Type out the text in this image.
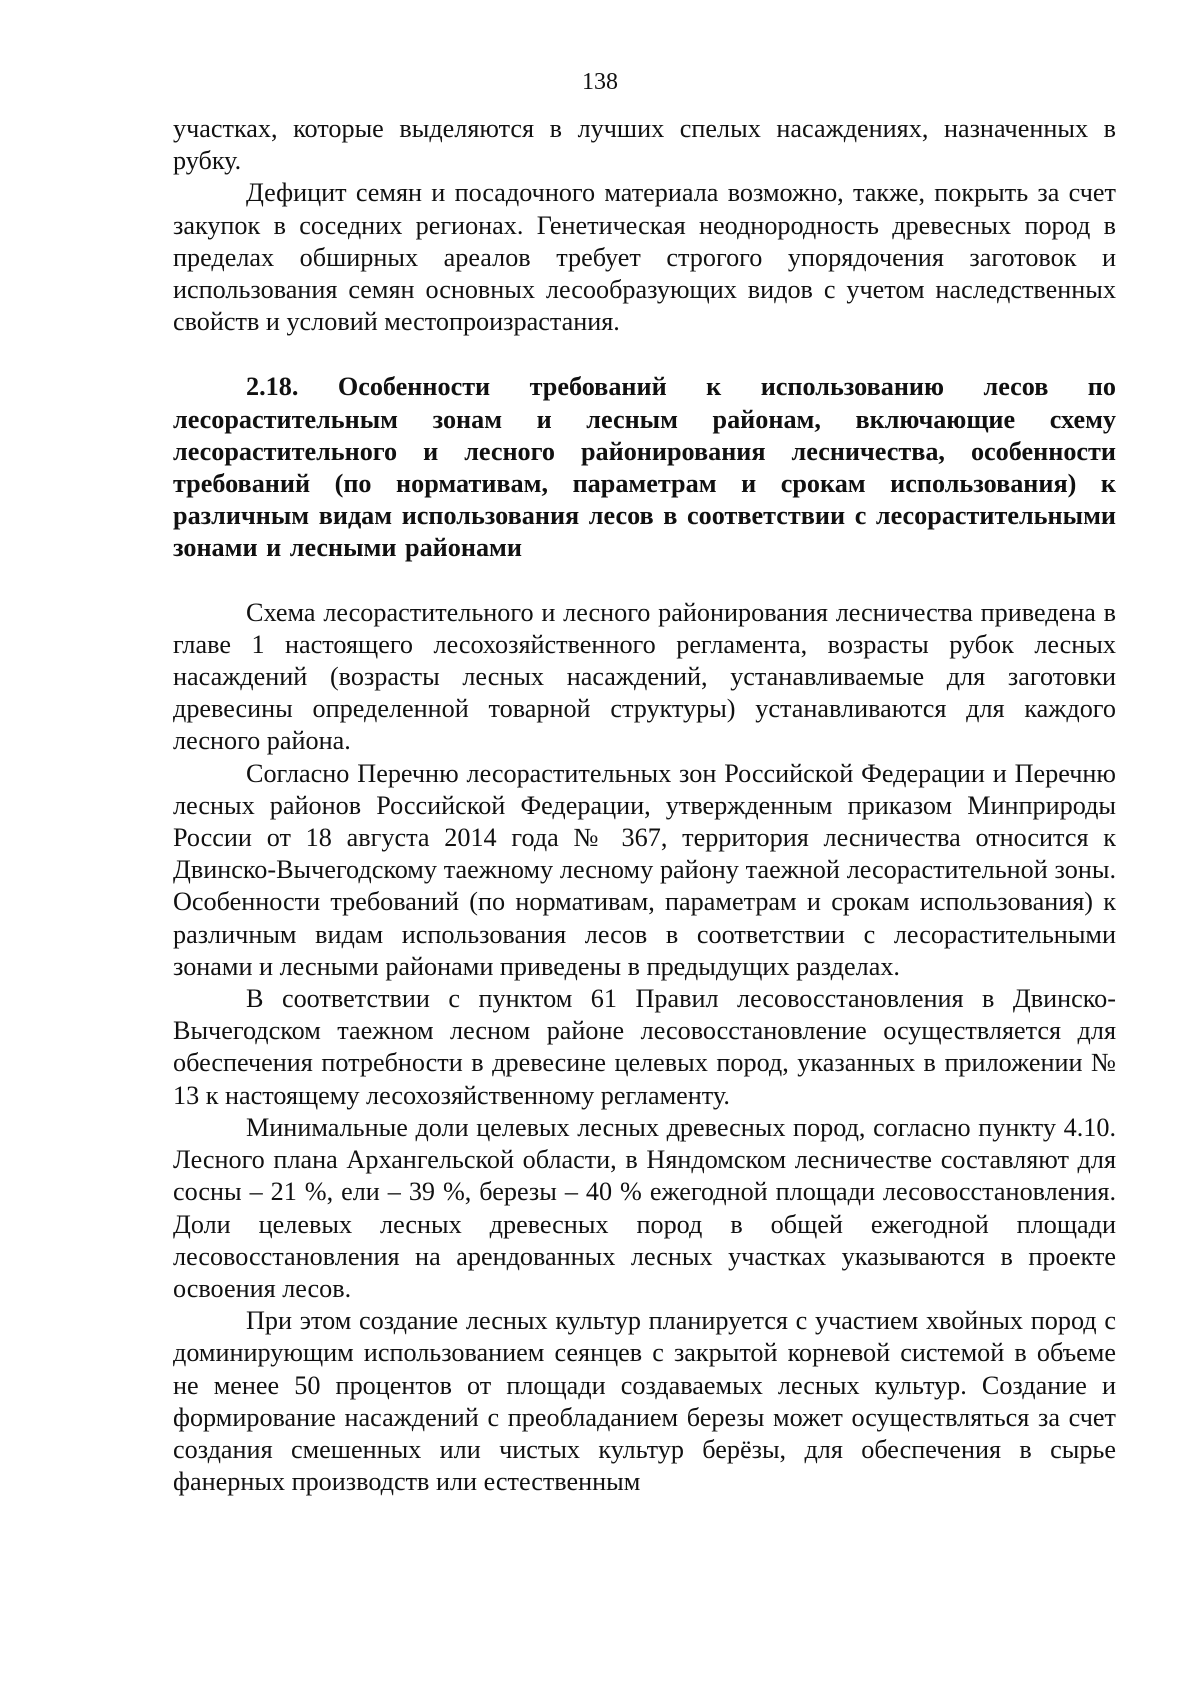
138

участках, которые выделяются в лучших спелых насаждениях, назначенных в рубку.

Дефицит семян и посадочного материала возможно, также, покрыть за счет закупок в соседних регионах. Генетическая неоднородность древесных пород в пределах обширных ареалов требует строгого упорядочения заготовок и использования семян основных лесообразующих видов с учетом наследственных свойств и условий местопроизрастания.

2.18. Особенности требований к использованию лесов по лесорастительным зонам и лесным районам, включающие схему лесорастительного и лесного районирования лесничества, особенности требований (по нормативам, параметрам и срокам использования) к различным видам использования лесов в соответствии с лесорастительными зонами и лесными районами

Схема лесорастительного и лесного районирования лесничества приведена в главе 1 настоящего лесохозяйственного регламента, возрасты рубок лесных насаждений (возрасты лесных насаждений, устанавливаемые для заготовки древесины определенной товарной структуры) устанавливаются для каждого лесного района.

Согласно Перечню лесорастительных зон Российской Федерации и Перечню лесных районов Российской Федерации, утвержденным приказом Минприроды России от 18 августа 2014 года № 367, территория лесничества относится к Двинско-Вычегодскому таежному лесному району таежной лесорастительной зоны. Особенности требований (по нормативам, параметрам и срокам использования) к различным видам использования лесов в соответствии с лесорастительными зонами и лесными районами приведены в предыдущих разделах.

В соответствии с пунктом 61 Правил лесовосстановления в Двинско-Вычегодском таежном лесном районе лесовосстановление осуществляется для обеспечения потребности в древесине целевых пород, указанных в приложении № 13 к настоящему лесохозяйственному регламенту.

Минимальные доли целевых лесных древесных пород, согласно пункту 4.10. Лесного плана Архангельской области, в Няндомском лесничестве составляют для сосны – 21 %, ели – 39 %, березы – 40 % ежегодной площади лесовосстановления. Доли целевых лесных древесных пород в общей ежегодной площади лесовосстановления на арендованных лесных участках указываются в проекте освоения лесов.

При этом создание лесных культур планируется с участием хвойных пород с доминирующим использованием сеянцев с закрытой корневой системой в объеме не менее 50 процентов от площади создаваемых лесных культур. Создание и формирование насаждений с преобладанием березы может осуществляться за счет создания смешенных или чистых культур берёзы, для обеспечения в сырье фанерных производств или естественным
